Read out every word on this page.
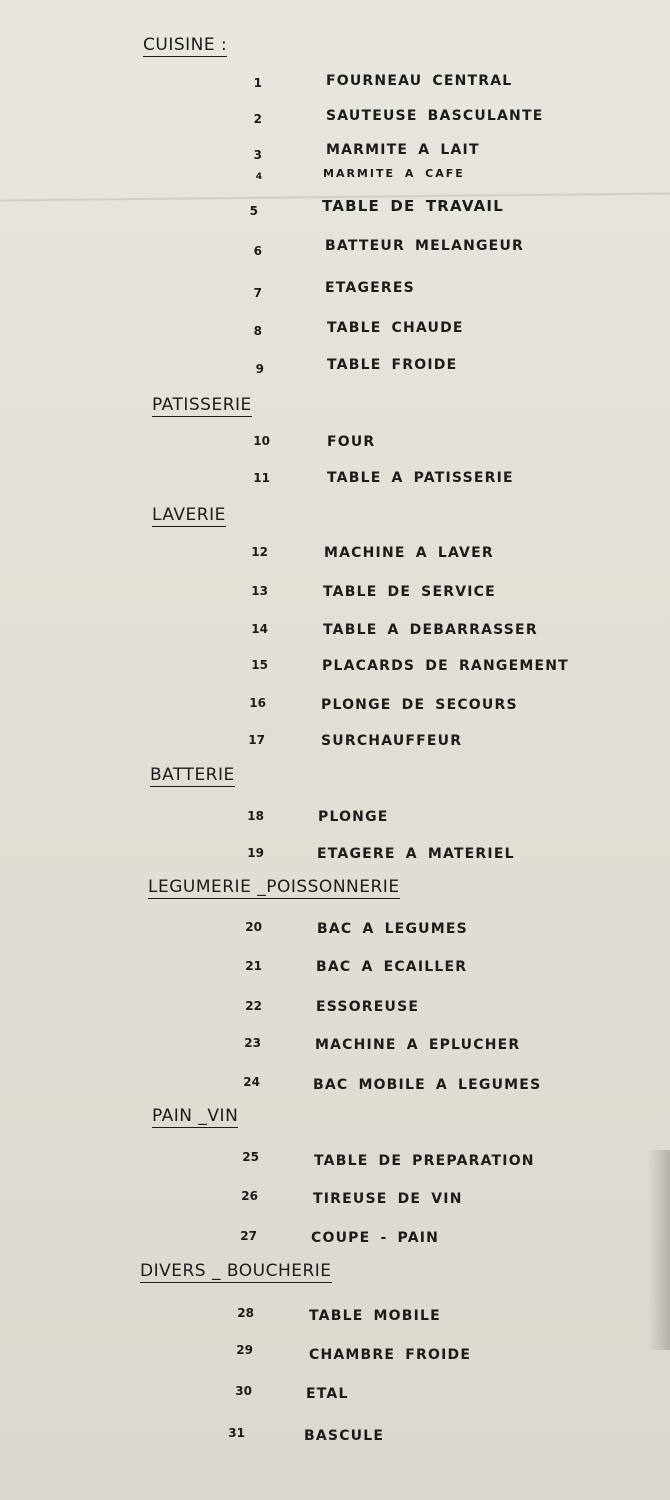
CUISINE :
1	FOURNEAU CENTRAL
2	SAUTEUSE BASCULANTE
3	MARMITE A LAIT
4	MARMITE A CAFE
5	TABLE DE TRAVAIL
6	BATTEUR MELANGEUR
7	ETAGERES
8	TABLE CHAUDE
9	TABLE FROIDE
PATISSERIE
10	FOUR
11	TABLE A PATISSERIE
LAVERIE
12	MACHINE A LAVER
13	TABLE DE SERVICE
14	TABLE A DEBARRASSER
15	PLACARDS DE RANGEMENT
16	PLONGE DE SECOURS
17	SURCHAUFFEUR
BATTERIE
18	PLONGE
19	ETAGERE A MATERIEL
LEGUMERIE _POISSONNERIE
20	BAC A LEGUMES
21	BAC A ECAILLER
22	ESSOREUSE
23	MACHINE A EPLUCHER
24	BAC MOBILE A LEGUMES
PAIN _VIN
25	TABLE DE PREPARATION
26	TIREUSE DE VIN
27	COUPE - PAIN
DIVERS _ BOUCHERIE
28	TABLE MOBILE
29	CHAMBRE FROIDE
30	ETAL
31	BASCULE
